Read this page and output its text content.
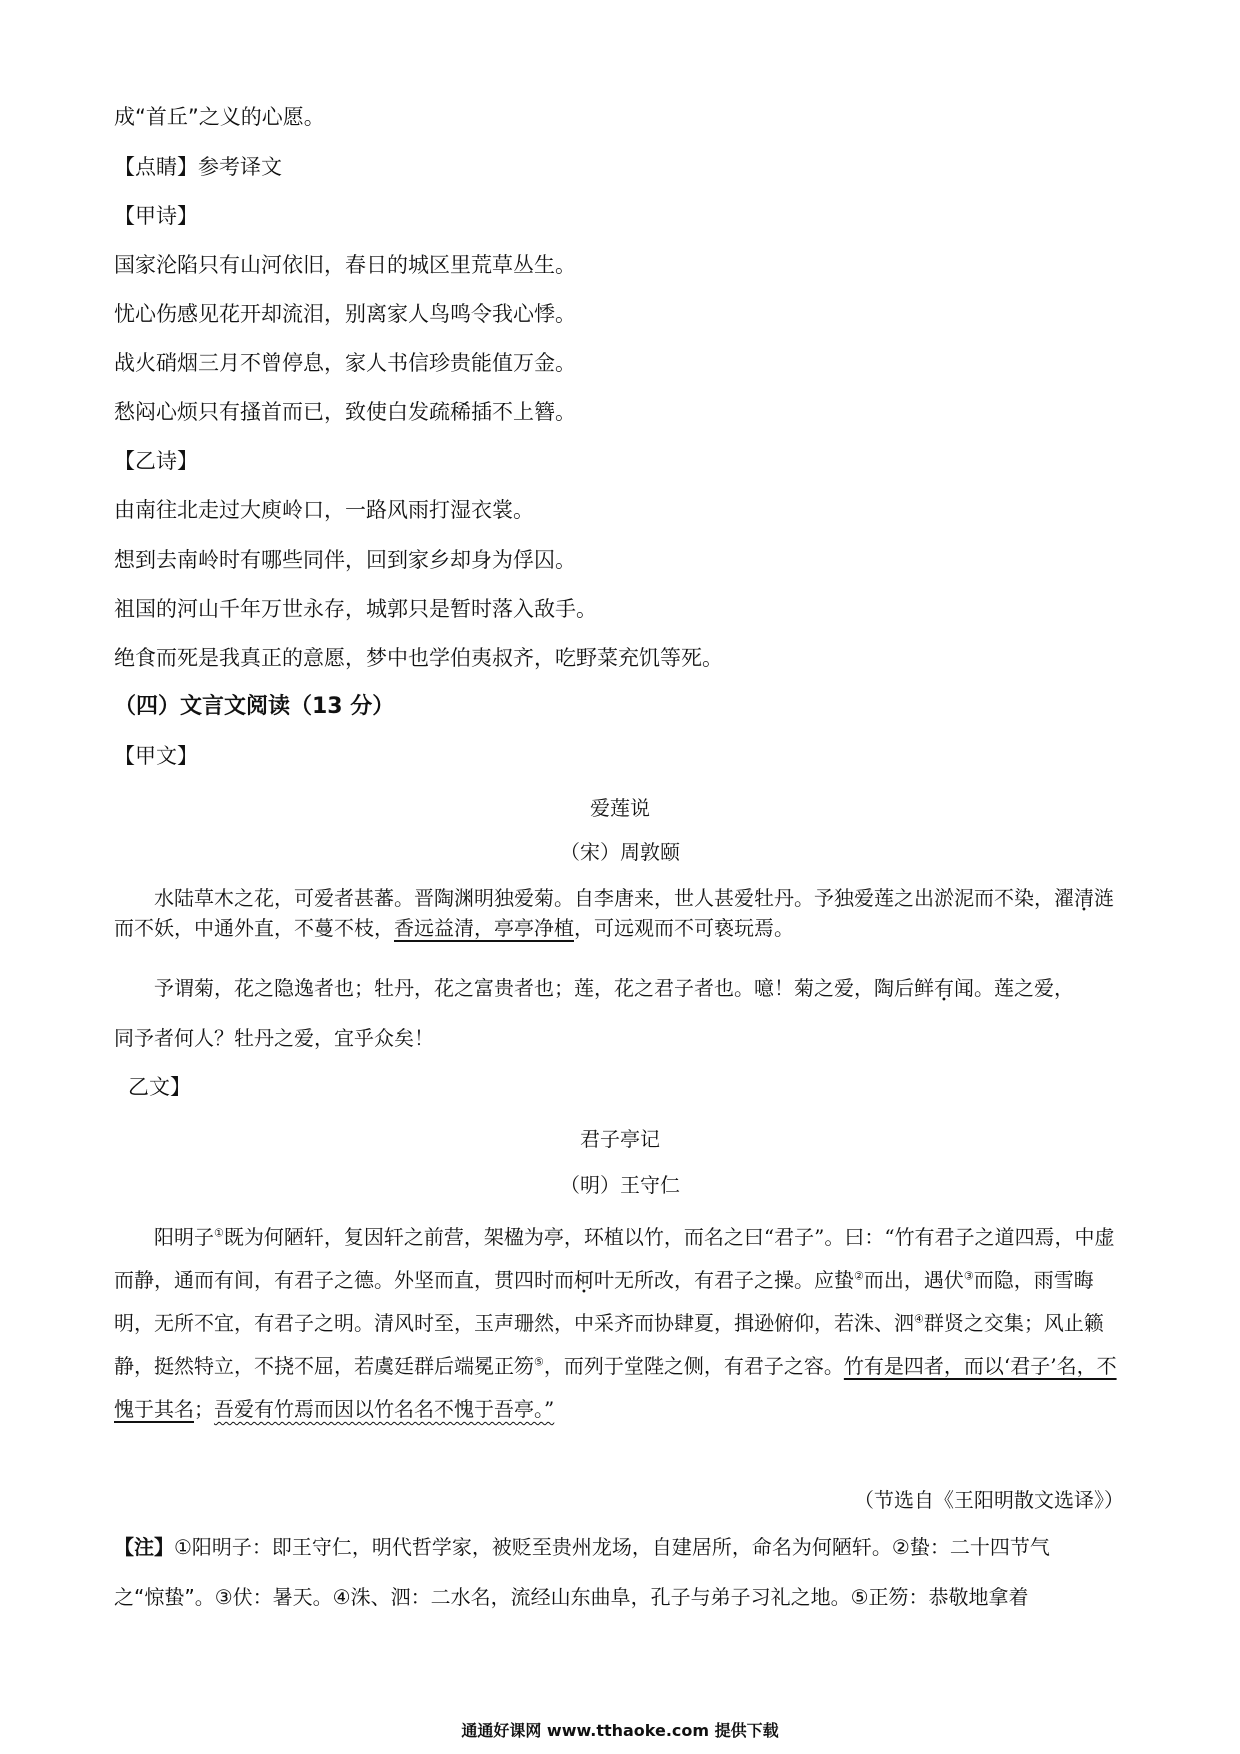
成“首丘”之义的心愿。
【点睛】参考译文
【甲诗】
国家沦陷只有山河依旧，春日的城区里荒草丛生。
忧心伤感见花开却流泪，别离家人鸟鸣令我心悸。
战火硝烟三月不曾停息，家人书信珍贵能值万金。
愁闷心烦只有搔首而已，致使白发疏稀插不上簪。
【乙诗】
由南往北走过大庾岭口，一路风雨打湿衣裳。
想到去南岭时有哪些同伴，回到家乡却身为俘囚。
祖国的河山千年万世永存，城郭只是暂时落入敌手。
绝食而死是我真正的意愿，梦中也学伯夷叔齐，吃野菜充饥等死。
（四）文言文阅读（13 分）
【甲文】
爱莲说
（宋）周敦颐
水陆草木之花，可爱者甚蕃。晋陶渊明独爱菊。自李唐来，世人甚爱牡丹。予独爱莲之出淤泥而不染，濯清涟而不妖，中通外直，不蔓不枝，香远益清，亭亭净植，可远观而不可亵玩焉。
予谓菊，花之隐逸者也；牡丹，花之富贵者也；莲，花之君子者也。噫！菊之爱，陶后鲜有闻。莲之爱，
同予者何人？牡丹之爱，宜乎众矣！
乙文】
君子亭记
（明）王守仁
阳明子①既为何陋轩，复因轩之前营，架楹为亭，环植以竹，而名之曰“君子”。曰：“竹有君子之道四焉，中虚而静，通而有间，有君子之德。外坚而直，贯四时而柯叶无所改，有君子之操。应蛰②而出，遇伏③而隐，雨雪晦明，无所不宜，有君子之明。清风时至，玉声珊然，中采齐而协肆夏，揖逊俯仰，若洙、泗④群贤之交集；风止籁静，挺然特立，不挠不屈，若虞廷群后端冕正笏⑤，而列于堂陛之侧，有君子之容。竹有是四者，而以‘君子’名，不愧于其名；吾爱有竹焉而因以竹名名不愧于吾亭。”
（节选自《王阳明散文选译》）
【注】①阳明子：即王守仁，明代哲学家，被贬至贵州龙场，自建居所，命名为何陋轩。②蛰：二十四节气
之“惊蛰”。③伏：暑天。④洙、泗：二水名，流经山东曲阜，孔子与弟子习礼之地。⑤正笏：恭敬地拿着
通通好课网 www.tthaoke.com 提供下载
